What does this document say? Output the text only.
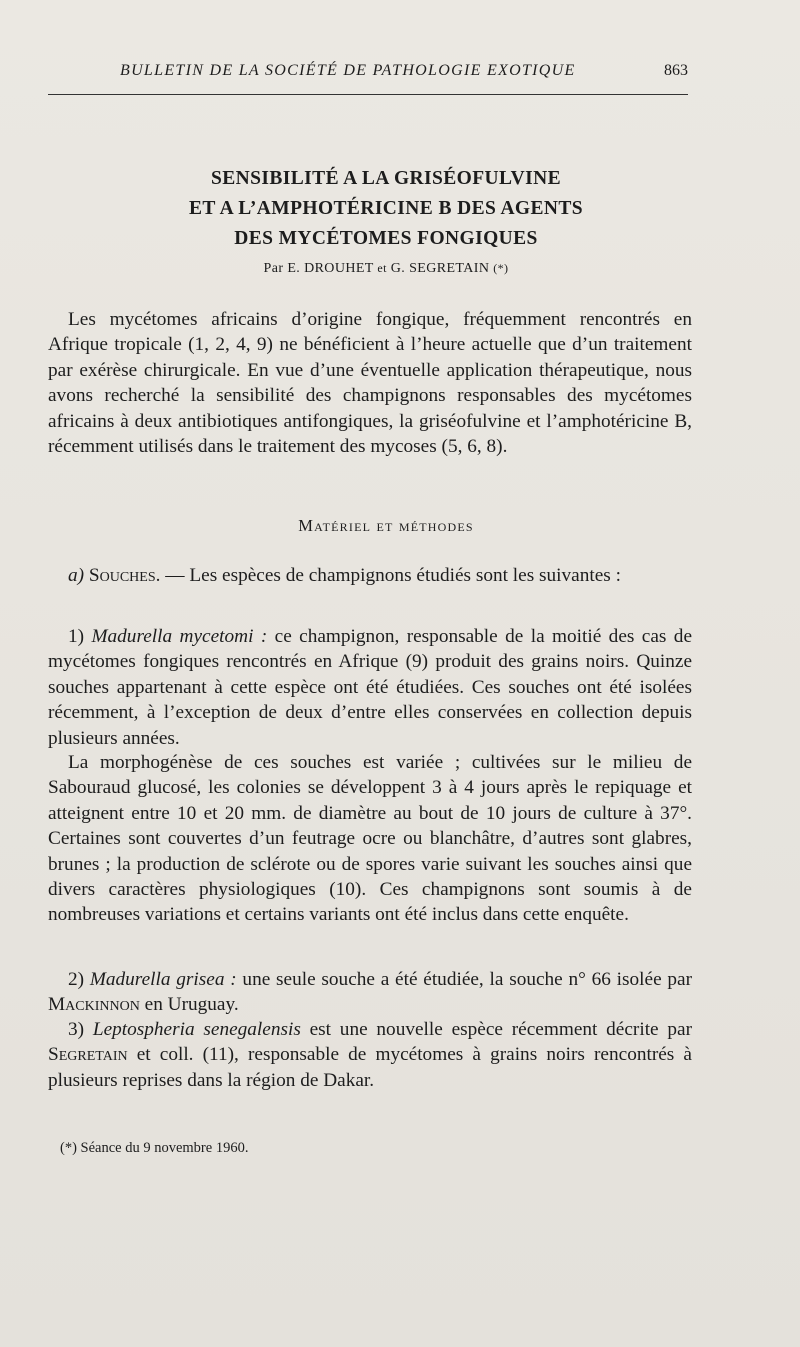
BULLETIN DE LA SOCIÉTÉ DE PATHOLOGIE EXOTIQUE	863
SENSIBILITÉ A LA GRISÉOFULVINE
ET A L’AMPHOTÉRICINE B DES AGENTS
DES MYCÉTOMES FONGIQUES
Par E. DROUHET et G. SEGRETAIN (*)
Les mycétomes africains d’origine fongique, fréquemment rencontrés en Afrique tropicale (1, 2, 4, 9) ne bénéficient à l’heure actuelle que d’un traitement par exérèse chirurgicale. En vue d’une éventuelle application thérapeutique, nous avons recherché la sensibilité des champignons responsables des mycétomes africains à deux antibiotiques antifongiques, la griséofulvine et l’amphotéricine B, récemment utilisés dans le traitement des mycoses (5, 6, 8).
Matériel et méthodes
a) Souches. — Les espèces de champignons étudiés sont les suivantes :
1) Madurella mycetomi : ce champignon, responsable de la moitié des cas de mycétomes fongiques rencontrés en Afrique (9) produit des grains noirs. Quinze souches appartenant à cette espèce ont été étudiées. Ces souches ont été isolées récemment, à l’exception de deux d’entre elles conservées en collection depuis plusieurs années.
La morphogénèse de ces souches est variée ; cultivées sur le milieu de Sabouraud glucosé, les colonies se développent 3 à 4 jours après le repiquage et atteignent entre 10 et 20 mm. de diamètre au bout de 10 jours de culture à 37°. Certaines sont couvertes d’un feutrage ocre ou blanchâtre, d’autres sont glabres, brunes ; la production de sclérote ou de spores varie suivant les souches ainsi que divers caractères physiologiques (10). Ces champignons sont soumis à de nombreuses variations et certains variants ont été inclus dans cette enquête.
2) Madurella grisea : une seule souche a été étudiée, la souche n° 66 isolée par Mackinnon en Uruguay.
3) Leptospheria senegalensis est une nouvelle espèce récemment décrite par Segretain et coll. (11), responsable de mycétomes à grains noirs rencontrés à plusieurs reprises dans la région de Dakar.
(*) Séance du 9 novembre 1960.
